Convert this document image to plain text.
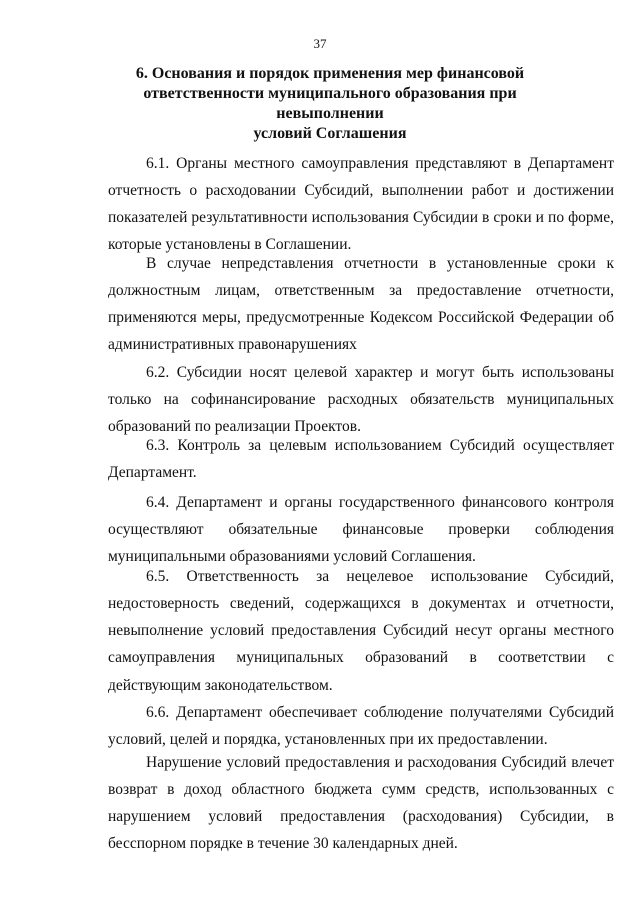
37
6. Основания и порядок применения мер финансовой
ответственности муниципального образования при невыполнении
условий Соглашения

6.1. Органы местного самоуправления представляют в Департамент отчетность о расходовании Субсидий, выполнении работ и достижении показателей результативности использования Субсидии в сроки и по форме, которые установлены в Соглашении.

В случае непредставления отчетности в установленные сроки к должностным лицам, ответственным за предоставление отчетности, применяются меры, предусмотренные Кодексом Российской Федерации об административных правонарушениях

6.2. Субсидии носят целевой характер и могут быть использованы только на софинансирование расходных обязательств муниципальных образований по реализации Проектов.

6.3. Контроль за целевым использованием Субсидий осуществляет Департамент.

6.4. Департамент и органы государственного финансового контроля осуществляют обязательные финансовые проверки соблюдения муниципальными образованиями условий Соглашения.

6.5. Ответственность за нецелевое использование Субсидий, недостоверность сведений, содержащихся в документах и отчетности, невыполнение условий предоставления Субсидий несут органы местного самоуправления муниципальных образований в соответствии с действующим законодательством.

6.6. Департамент обеспечивает соблюдение получателями Субсидий условий, целей и порядка, установленных при их предоставлении.

Нарушение условий предоставления и расходования Субсидий влечет возврат в доход областного бюджета сумм средств, использованных с нарушением условий предоставления (расходования) Субсидии, в бесспорном порядке в течение 30 календарных дней.
